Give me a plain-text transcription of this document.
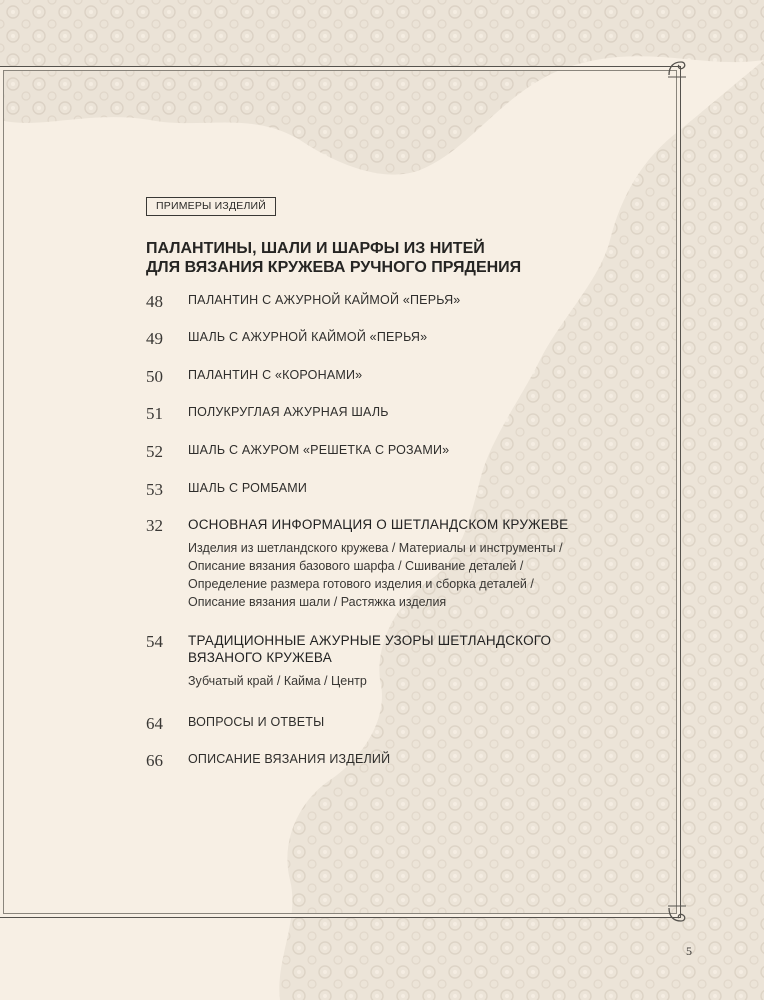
ПРИМЕРЫ ИЗДЕЛИЙ
ПАЛАНТИНЫ, ШАЛИ И ШАРФЫ ИЗ НИТЕЙ
ДЛЯ ВЯЗАНИЯ КРУЖЕВА РУЧНОГО ПРЯДЕНИЯ
48	ПАЛАНТИН С АЖУРНОЙ КАЙМОЙ «ПЕРЬЯ»
49	ШАЛЬ С АЖУРНОЙ КАЙМОЙ «ПЕРЬЯ»
50	ПАЛАНТИН С «КОРОНАМИ»
51	ПОЛУКРУГЛАЯ АЖУРНАЯ ШАЛЬ
52	ШАЛЬ С АЖУРОМ «РЕШЕТКА С РОЗАМИ»
53	ШАЛЬ С РОМБАМИ
32	ОСНОВНАЯ ИНФОРМАЦИЯ О ШЕТЛАНДСКОМ КРУЖЕВЕ
Изделия из шетландского кружева / Материалы и инструменты /
Описание вязания базового шарфа / Сшивание деталей /
Определение размера готового изделия и сборка деталей /
Описание вязания шали / Растяжка изделия
54	ТРАДИЦИОННЫЕ АЖУРНЫЕ УЗОРЫ ШЕТЛАНДСКОГО
ВЯЗАНОГО КРУЖЕВА
Зубчатый край / Кайма / Центр
64	ВОПРОСЫ И ОТВЕТЫ
66	ОПИСАНИЕ ВЯЗАНИЯ ИЗДЕЛИЙ
5
